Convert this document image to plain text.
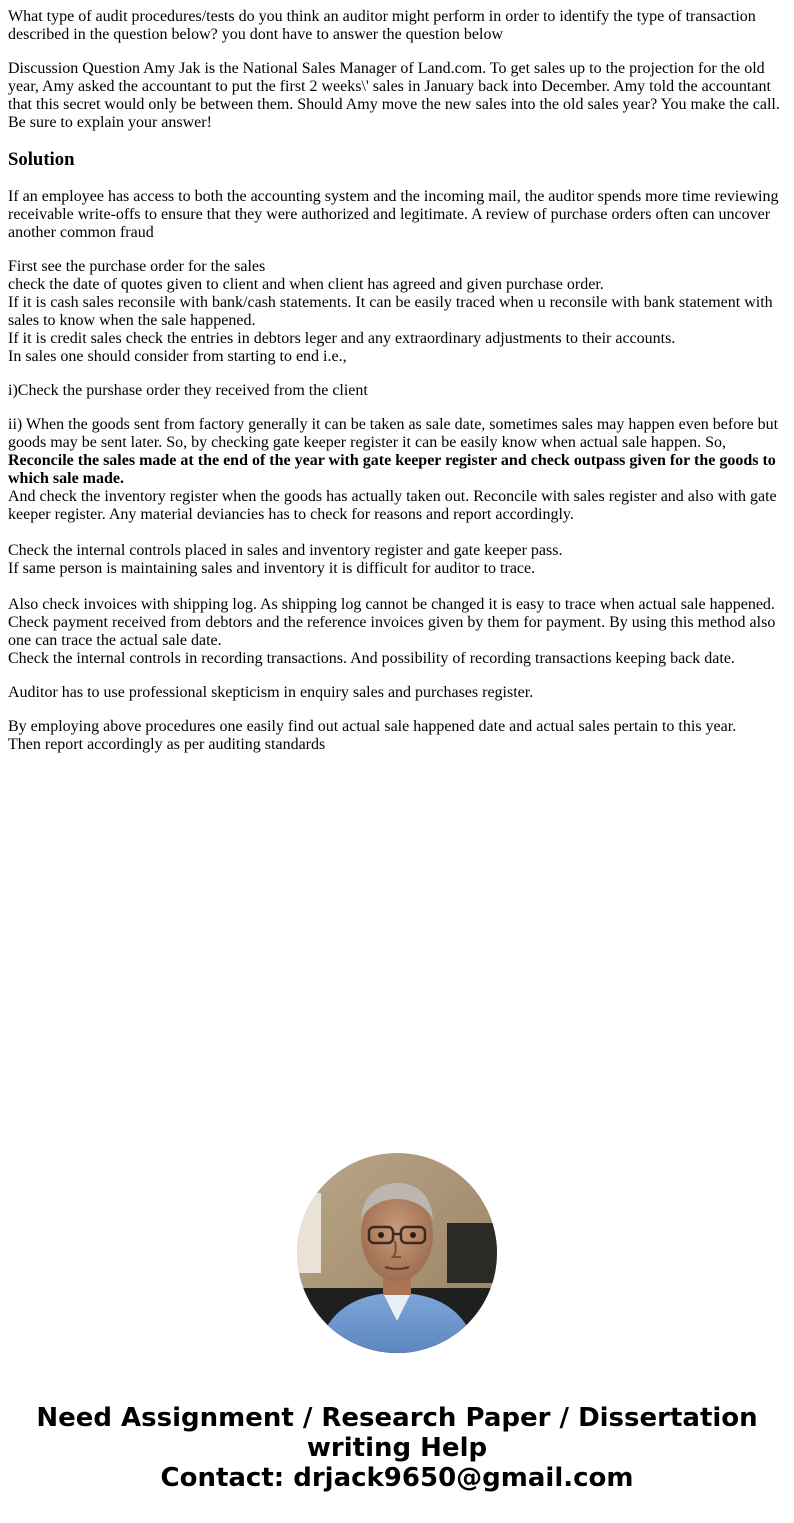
What type of audit procedures/tests do you think an auditor might perform in order to identify the type of transaction described in the question below? you dont have to answer the question below

Discussion Question Amy Jak is the National Sales Manager of Land.com. To get sales up to the projection for the old year, Amy asked the accountant to put the first 2 weeks\' sales in January back into December. Amy told the accountant that this secret would only be between them. Should Amy move the new sales into the old sales year? You make the call. Be sure to explain your answer!

Solution

If an employee has access to both the accounting system and the incoming mail, the auditor spends more time reviewing receivable write-offs to ensure that they were authorized and legitimate. A review of purchase orders often can uncover another common fraud

First see the purchase order for the sales
check the date of quotes given to client and when client has agreed and given purchase order.
If it is cash sales reconsile with bank/cash statements. It can be easily traced when u reconsile with bank statement with sales to know when the sale happened.
If it is credit sales check the entries in debtors leger and any extraordinary adjustments to their accounts.
In sales one should consider from starting to end i.e.,

i)Check the purshase order they received from the client

ii) When the goods sent from factory generally it can be taken as sale date, sometimes sales may happen even before but goods may be sent later. So, by checking gate keeper register it can be easily know when actual sale happen. So,
Reconcile the sales made at the end of the year with gate keeper register and check outpass given for the goods to which sale made.
And check the inventory register when the goods has actually taken out. Reconcile with sales register and also with gate keeper register. Any material deviancies has to check for reasons and report accordingly.
Check the internal controls placed in sales and inventory register and gate keeper pass.
If same person is maintaining sales and inventory it is difficult for auditor to trace.
Also check invoices with shipping log. As shipping log cannot be changed it is easy to trace when actual sale happened.
Check payment received from debtors and the reference invoices given by them for payment. By using this method also one can trace the actual sale date.
Check the internal controls in recording transactions. And possibility of recording transactions keeping back date.

Auditor has to use professional skepticism in enquiry sales and purchases register.

By employing above procedures one easily find out actual sale happened date and actual sales pertain to this year.
Then report accordingly as per auditing standards

Need Assignment / Research Paper / Dissertation
writing Help
Contact: drjack9650@gmail.com
